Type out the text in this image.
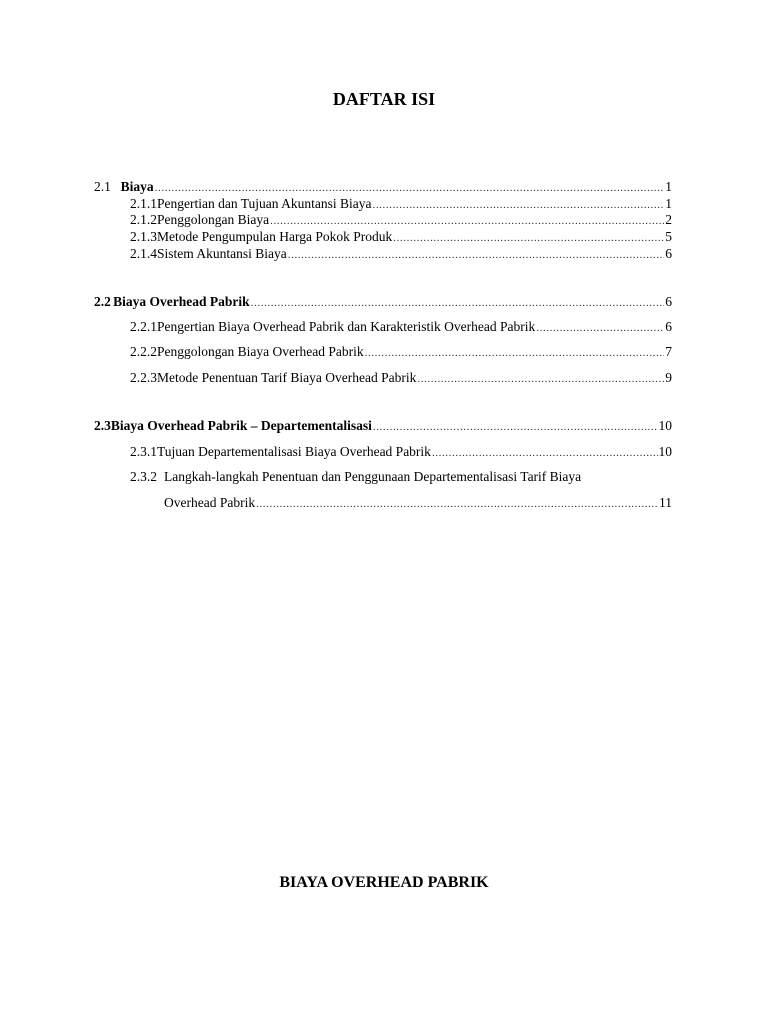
DAFTAR ISI
2.1 Biaya .....	1
2.1.1 Pengertian dan Tujuan Akuntansi Biaya .....	1
2.1.2 Penggolongan Biaya .....	2
2.1.3 Metode Pengumpulan Harga Pokok Produk .....	5
2.1.4 Sistem Akuntansi Biaya .....	6
2.2 Biaya Overhead Pabrik .....	6
2.2.1 Pengertian Biaya Overhead Pabrik dan Karakteristik Overhead Pabrik .....	6
2.2.2 Penggolongan Biaya Overhead Pabrik .....	7
2.2.3 Metode Penentuan Tarif Biaya Overhead Pabrik .....	9
2.3 Biaya Overhead Pabrik – Departementalisasi .....	10
2.3.1 Tujuan Departementalisasi Biaya Overhead Pabrik .....	10
2.3.2 Langkah-langkah Penentuan dan Penggunaan Departementalisasi Tarif Biaya
Overhead Pabrik .....	11
BIAYA OVERHEAD PABRIK
